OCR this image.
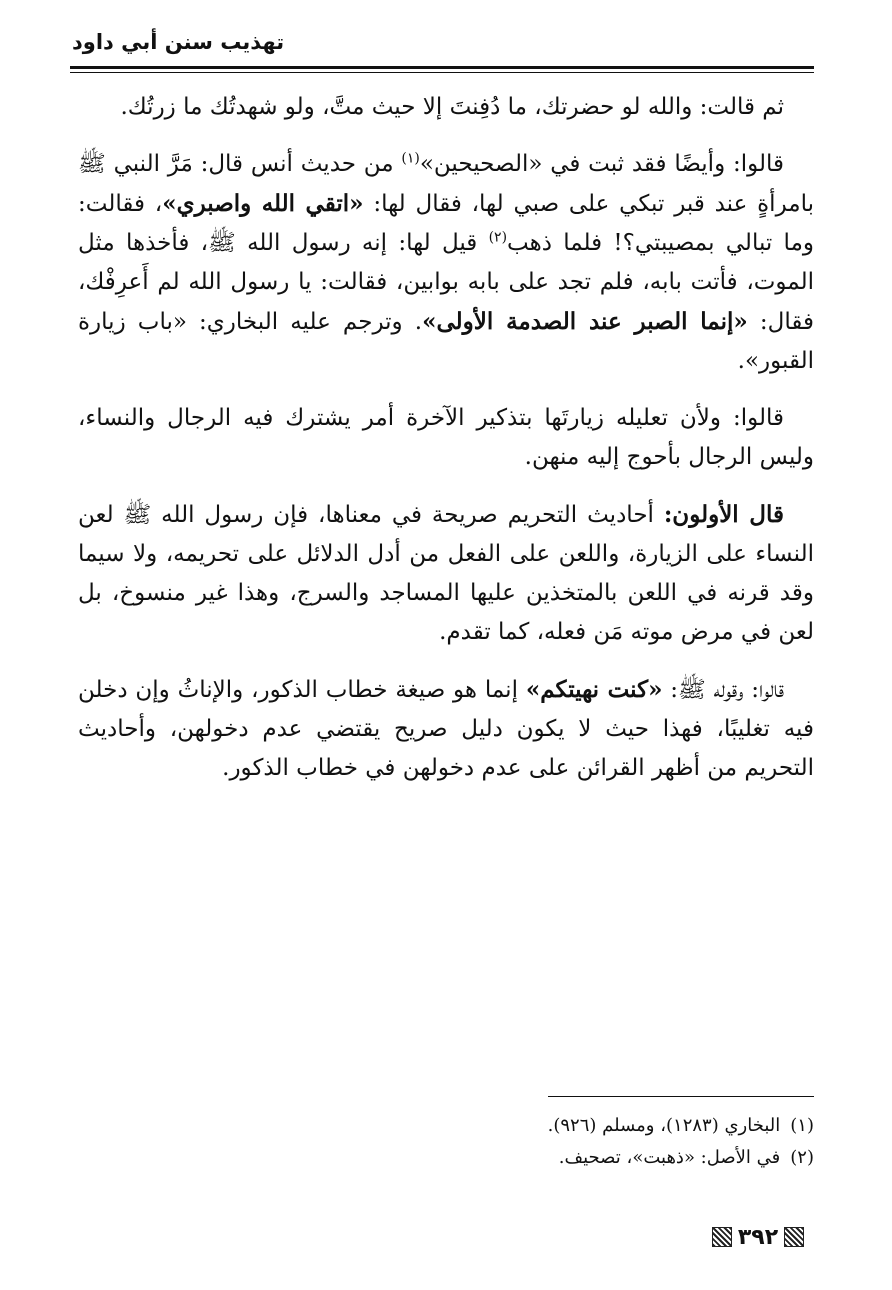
تهذيب سنن أبي داود

ثم قالت: والله لو حضرتك، ما دُفِنتَ إلا حيث متَّ، ولو شهدتُك ما زرتُك.

قالوا: وأيضًا فقد ثبت في «الصحيحين»$^{(١)}$ من حديث أنس قال: مَرَّ النبي ﷺ بامرأةٍ عند قبر تبكي على صبي لها، فقال لها: «اتقي الله واصبري»، فقالت: وما تبالي بمصيبتي؟! فلما ذهب$^{(٢)}$ قيل لها: إنه رسول الله ﷺ، فأخذها مثل الموت، فأتت بابه، فلم تجد على بابه بوابين، فقالت: يا رسول الله لم أَعرِفْك، فقال: «إنما الصبر عند الصدمة الأولى». وترجم عليه البخاري: «باب زيارة القبور».

قالوا: ولأن تعليله زيارتَها بتذكير الآخرة أمر يشترك فيه الرجال والنساء، وليس الرجال بأحوج إليه منهن.

قال الأولون: أحاديث التحريم صريحة في معناها، فإن رسول الله ﷺ لعن النساء على الزيارة، واللعن على الفعل من أدل الدلائل على تحريمه، ولا سيما وقد قرنه في اللعن بالمتخذين عليها المساجد والسرج، وهذا غير منسوخ، بل لعن في مرض موته مَن فعله، كما تقدم.

قالوا: وقوله ﷺ: «كنت نهيتكم» إنما هو صيغة خطاب الذكور، والإناثُ وإن دخلن فيه تغليبًا، فهذا حيث لا يكون دليل صريح يقتضي عدم دخولهن، وأحاديث التحريم من أظهر القرائن على عدم دخولهن في خطاب الذكور.

(١)البخاري (١٢٨٣)، ومسلم (٩٢٦).
(٢)في الأصل: «ذهبت»، تصحيف.
٣٩٢
